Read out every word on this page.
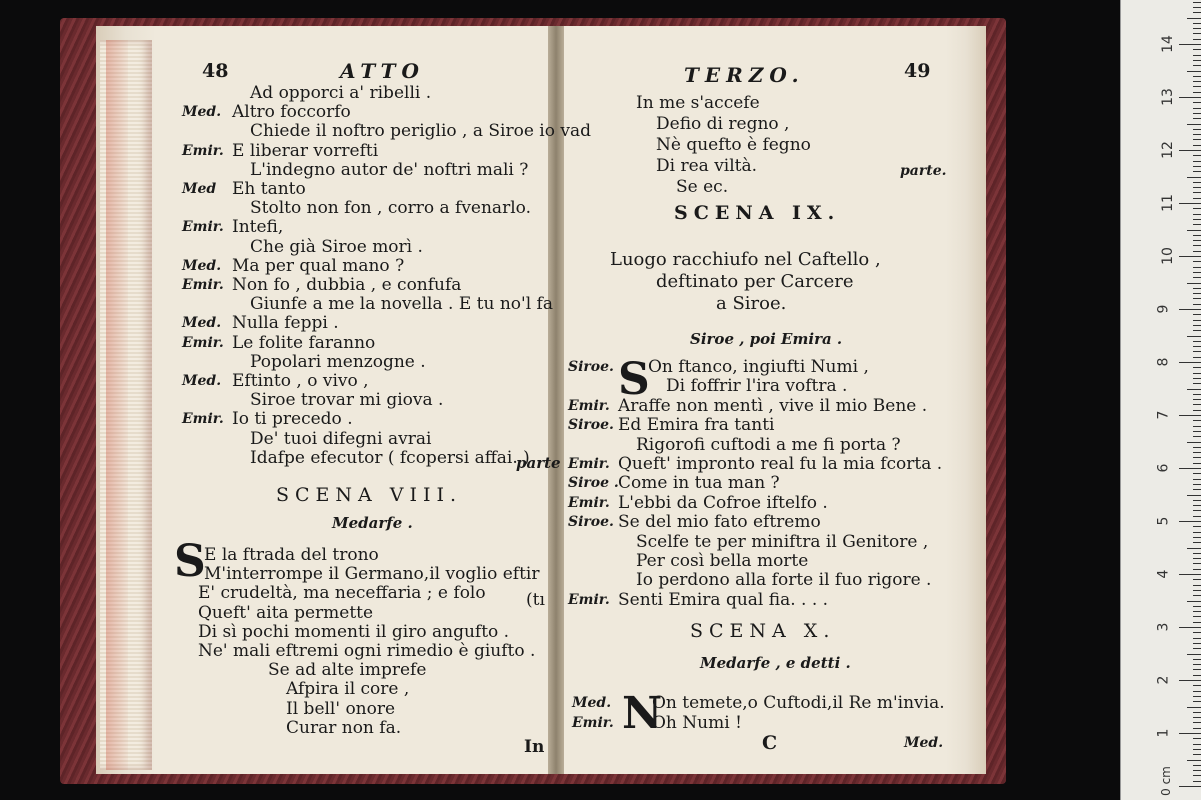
48	ATTO
Ad opporci a' ribelli .
Med. Altro foccorfo
Chiede il noftro periglio , a Siroe io vad
Emir. E liberar vorrefti
L'indegno autor de' noftri mali ?
Med Eh tanto
Stolto non fon , corro a fvenarlo.
Emir. Intefi,
Che già Siroe morì .
Med. Ma per qual mano ?
Emir. Non fo , dubbia , e confufa
Giunfe a me la novella . E tu no'l fa
Med. Nulla feppi .
Emir. Le folite faranno
Popolari menzogne .
Med. Eftinto , o vivo ,
Siroe trovar mi giova .
Emir. Io ti precedo .
De' tuoi difegni avrai
Idafpe efecutor ( fcopersi affai. )
parte
SCENA VIII.
Medarfe .
S
E la ftrada del trono
M'interrompe il Germano,il voglio eftir
E' crudeltà, ma neceffaria ; e folo
Queft' aita permette
Di sì pochi momenti il giro angufto .
Ne' mali eftremi ogni rimedio è giufto .
Se ad alte imprefe
Afpira il core ,
Il bell' onore
Curar non fa.
(tı
In
TERZO.	49
In me s'accefe
Defio di regno ,
Nè quefto è fegno
Di rea viltà.
Se ec.
parte.
SCENA IX.
Luogo racchiufo nel Caftello ,
deftinato per Carcere
a Siroe.
Siroe , poi Emira .
S
Siroe. On ftanco, ingiufti Numi ,
Di foffrir l'ira voftra .
Emir. Araffe non mentì , vive il mio Bene .
Siroe. Ed Emira fra tanti
Rigorofi cuftodi a me fi porta ?
Emir. Queft' impronto real fu la mia fcorta .
Siroe . Come in tua man ?
Emir. L'ebbi da Cofroe iftelfo .
Siroe. Se del mio fato eftremo
Scelfe te per miniftra il Genitore ,
Per così bella morte
Io perdono alla forte il fuo rigore .
Emir. Senti Emira qual fia. . . .
SCENA X.
Medarfe , e detti .
N
Med. On temete,o Cuftodi,il Re m'invia.
Emir. Oh Numi !
C	Med.
1
2
3
4
5
6
7
8
9
10
11
12
13
14
0 cm
